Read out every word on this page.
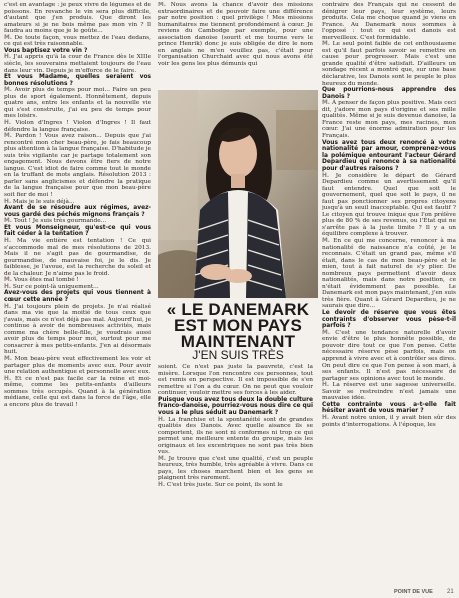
c'est en avantage : je peux vivre de légumes et de poissons. En revanche le vin sera plus difficile, d'autant que j'en produis. Que diront les amateurs si je ne bois même pas mon vin ? Il faudra au moins que je le goûte...

M. De toute façon, vous mettez de l'eau dedans, ce qui est très raisonnable.

Vous baptisez votre vin ?

H. J'ai appris qu'à la cour de France dès le XIIIe siècle, les souverains mettaient toujours de l'eau dans leur vin. Depuis je m'efforce de le faire.

Et vous Madame, quelles seraient vos bonnes résolutions ?

M. Avoir plus de temps pour moi... Faire un peu plus de sport également. Honnêtement, depuis quatre ans, entre les enfants et la nouvelle vie qui s'est construite, j'ai eu peu de temps pour mes loisirs.

H. Violon d'Ingres ! Violon d'Ingres ! Il faut défendre la langue française.

M. Pardon ! Vous avez raison... Depuis que j'ai rencontré mon cher beau-père, je fais beaucoup plus attention à la langue française. D'habitude je suis très vigilante car je partage totalement son engagement. Nous devons être fiers de notre langue. C'est idiot de faire comme tout le monde en la truffant de mots anglais. Résolution 2013 : parler sans anglicismes et défendre la pratique de la langue française pour que mon beau-père soit fier de moi !

H. Mais je le suis déjà...

Avant de se résoudre aux régimes, avez-vous gardé des péchés mignons français ?

M. Tout ! Je suis très gourmande...

Et vous Monseigneur, qu'est-ce qui vous fait céder à la tentation ?

H. Ma vie entière est tentation ! Ce qui s'accommode mal de mes résolutions de 2013. Mais il ne s'agit pas de gourmandise, de gourmandise, de mauvaise foi, je le dis. Je faiblesse, je l'avoue, est la recherche du soleil et de la chaleur. Je n'aime pas le froid.

M. Vous êtes mal tombé !

H. Sur ce point-là uniquement...

Avez-vous des projets qui vous tiennent à cœur cette année ?

H. J'ai toujours plein de projets. Je n'ai réalisé dans ma vie que la moitié de tous ceux que j'avais, mais ce n'est déjà pas mal. Aujourd'hui, je continue à avoir de nombreuses activités, mais comme ma chère belle-fille, je voudrais aussi avoir plus de temps pour moi, surtout pour me consacrer à mes petits-enfants. J'en ai désormais huit.

M. Mon beau-père veut effectivement les voir et partager plus de moments avec eux. Pour avoir une relation authentique et personnelle avec eux.

H. Et ce n'est pas facile car la reine et moi-même, comme les petits-enfants d'ailleurs sommes très occupés. Quand à la génération médiane, celle qui est dans la force de l'âge, elle a encore plus de travail !

M. Nous avons la chance d'avoir des missions extraordinaires et de pouvoir faire une différence par notre position : quel privilège ! Mes missions humanitaires me tiennent profondément à cœur. Je reviens du Cambodge par exemple, pour une association danoise (sourit et me tourne vers le prince Henrik) donc je suis obligée de dire le nom en anglais ne m'en veuillez pas, c'était pour l'organisation Churchaid avec qui nous avons été voir les gens les plus démunis qui

« LE DANEMARK
EST MON PAYS
MAINTENANT
J'EN SUIS TRÈS

soient. Ce n'est pas juste la pauvreté, c'est la misère. Lorsque l'on rencontre ces personnes, tout est remis en perspective. Il est impossible de s'en remettre si l'on a du cœur. On ne peut que vouloir continuer, vouloir mettre ses forces à les aider.

Puisque vous avez tous deux la double culture franco-danoise, pourriez-vous nous dire ce qui vous a le plus séduit au Danemark ?

H. La franchise et la spontanéité sont de grandes qualités des Danois. Avec quelle aisance ils se comportent, ils ne sont ni conformes ni trop ce qui permet une meilleure entente du groupe, mais les originaux et les excentriques ne sont pas très bien vus.

M. Je trouve que c'est une qualité, c'est un peuple heureux, très humble, très agréable à vivre. Dans ce pays, les choses marchent bien et les gens se plaignent très rarement.

H. C'est très juste. Sur ce point, ils sont le

contraire des Français qui ne cessent de dénigrer leur pays, leur système, leurs produits. Cela me choque quand je viens en France. Au Danemark nous sommes à l'opposé : tout ce qui est danois est merveilleux. C'est formidable.

M. Le seul point faible de cet enthousiasme est qu'il faut parfois savoir se remettre en cause pour progresser. Mais c'est une grande qualité d'être satisfait. D'ailleurs un sondage récent a montré que, sur une base déclarative, les Danois sont le peuple le plus heureux du monde.

Que pourrions-nous apprendre des Danois ?

M. À penser de façon plus positive. Mais ceci dit, j'adore mon pays d'origine et ses mille qualités. Même si je suis devenue danoise, la France reste mon pays, mes racines, mon cœur. J'ai une énorme admiration pour les Français.

Vous avez tous deux renoncé à votre nationalité par amour, comprenez-vous la polémique entourant l'acteur Gérard Depardieu qui renonce à sa nationalité pour d'autres raisons ?

H. Je considère le départ de Gérard Depardieu comme un avertissement qu'il faut entendre. Quel que soit le gouvernement, quel que soit le pays, il ne faut pas ponctionner ses propres citoyens jusqu'à un seuil inacceptable. Qui est fautif ? Le citoyen qui trouve inique que l'on prélève plus de 80 % de ses revenus, ou l'État qui ne s'arrête pas à la juste limite ? Il y a un équilibre complexe à trouver.

M. En ce qui me concerne, renoncer à ma nationalité de naissance n'a coûté, je le reconnais. C'était un grand pas, même s'il était, dans le cas de mon beau-père et le mien, tout à fait naturel de s'y plier. De nombreux pays permettent d'avoir deux nationalités, mais dans notre position, ce n'était évidemment pas possible. Le Danemark est mon pays maintenant, j'en suis très fière. Quant à Gérard Depardieu, je ne saurais que dire...

Le devoir de réserve que vous êtes contraints d'observer vous pèse-t-il parfois ?

M. C'est une tendance naturelle d'avoir envie d'être le plus honnête possible, de pouvoir dire tout ce que l'on pense. Cette nécessaire réserve pèse parfois, mais on apprend à vivre avec et à contrôler ses dires. On peut dire ce que l'on pense à son mari, à ses enfants. Il n'est pas nécessaire de partager ses opinions avec tout le monde.

H. La réserve est une sagesse universelle. Savoir se restreindre n'est jamais une mauvaise idée.

Cette contrainte vous a-t-elle fait hésiter avant de vous marier ?

H. Avant notre union, il y avait bien sûr des points d'interrogations. À l'époque, les

POINT DE VUE 21
